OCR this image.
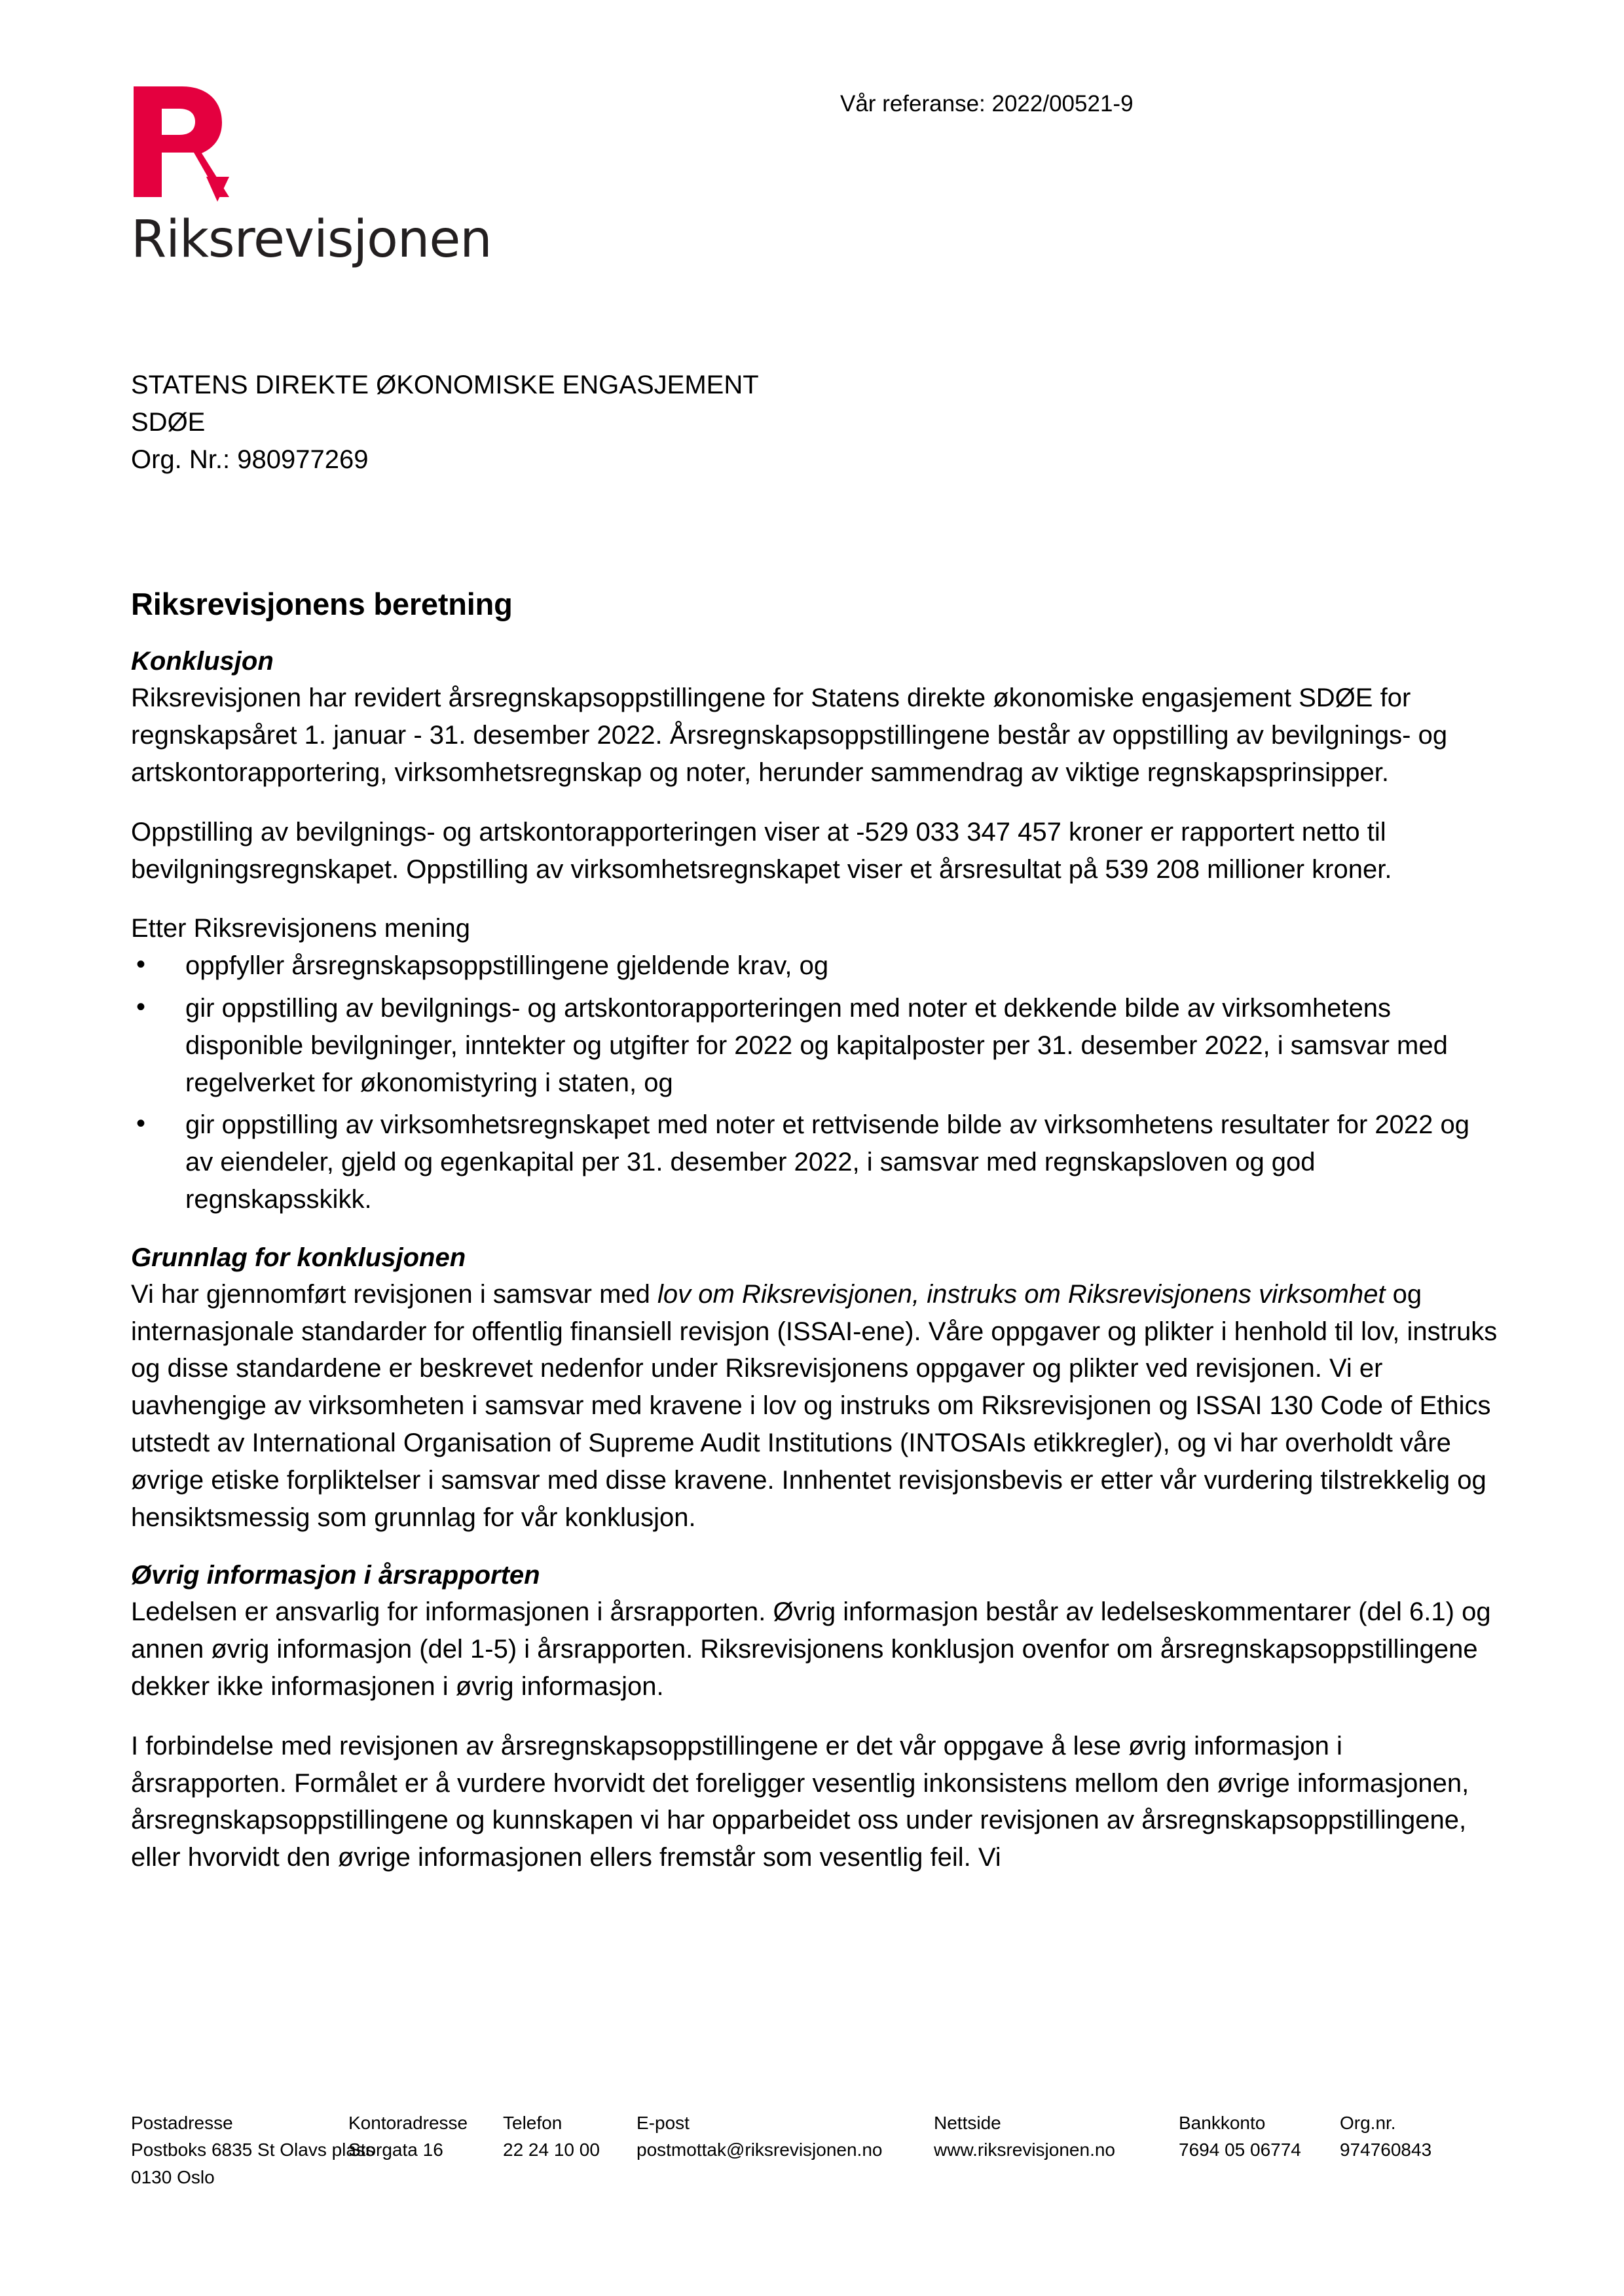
Riksrevisjonen
Vår referanse: 2022/00521-9
STATENS DIREKTE ØKONOMISKE ENGASJEMENT
SDØE
Org. Nr.: 980977269
Riksrevisjonens beretning
Konklusjon

Riksrevisjonen har revidert årsregnskapsoppstillingene for Statens direkte økonomiske engasjement SDØE for regnskapsåret 1. januar - 31. desember 2022. Årsregnskapsoppstillingene består av oppstilling av bevilgnings- og artskontorapportering, virksomhetsregnskap og noter, herunder sammendrag av viktige regnskapsprinsipper.

Oppstilling av bevilgnings- og artskontorapporteringen viser at -529 033 347 457 kroner er rapportert netto til bevilgningsregnskapet. Oppstilling av virksomhetsregnskapet viser et årsresultat på 539 208 millioner kroner.

Etter Riksrevisjonens mening

• oppfyller årsregnskapsoppstillingene gjeldende krav, og
• gir oppstilling av bevilgnings- og artskontorapporteringen med noter et dekkende bilde av virksomhetens disponible bevilgninger, inntekter og utgifter for 2022 og kapitalposter per 31. desember 2022, i samsvar med regelverket for økonomistyring i staten, og
• gir oppstilling av virksomhetsregnskapet med noter et rettvisende bilde av virksomhetens resultater for 2022 og av eiendeler, gjeld og egenkapital per 31. desember 2022, i samsvar med regnskapsloven og god regnskapsskikk.
Grunnlag for konklusjonen

Vi har gjennomført revisjonen i samsvar med lov om Riksrevisjonen, instruks om Riksrevisjonens virksomhet og internasjonale standarder for offentlig finansiell revisjon (ISSAI-ene). Våre oppgaver og plikter i henhold til lov, instruks og disse standardene er beskrevet nedenfor under Riksrevisjonens oppgaver og plikter ved revisjonen. Vi er uavhengige av virksomheten i samsvar med kravene i lov og instruks om Riksrevisjonen og ISSAI 130 Code of Ethics utstedt av International Organisation of Supreme Audit Institutions (INTOSAIs etikkregler), og vi har overholdt våre øvrige etiske forpliktelser i samsvar med disse kravene. Innhentet revisjonsbevis er etter vår vurdering tilstrekkelig og hensiktsmessig som grunnlag for vår konklusjon.

Øvrig informasjon i årsrapporten

Ledelsen er ansvarlig for informasjonen i årsrapporten. Øvrig informasjon består av ledelseskommentarer (del 6.1) og annen øvrig informasjon (del 1-5) i årsrapporten. Riksrevisjonens konklusjon ovenfor om årsregnskapsoppstillingene dekker ikke informasjonen i øvrig informasjon.

I forbindelse med revisjonen av årsregnskapsoppstillingene er det vår oppgave å lese øvrig informasjon i årsrapporten. Formålet er å vurdere hvorvidt det foreligger vesentlig inkonsistens mellom den øvrige informasjonen, årsregnskapsoppstillingene og kunnskapen vi har opparbeidet oss under revisjonen av årsregnskapsoppstillingene, eller hvorvidt den øvrige informasjonen ellers fremstår som vesentlig feil. Vi

Postadresse
Postboks 6835 St Olavs plass
0130 Oslo
Kontoradresse
Storgata 16
Telefon
22 24 10 00
E-post
postmottak@riksrevisjonen.no
Nettside
www.riksrevisjonen.no
Bankkonto
7694 05 06774
Org.nr.
974760843
